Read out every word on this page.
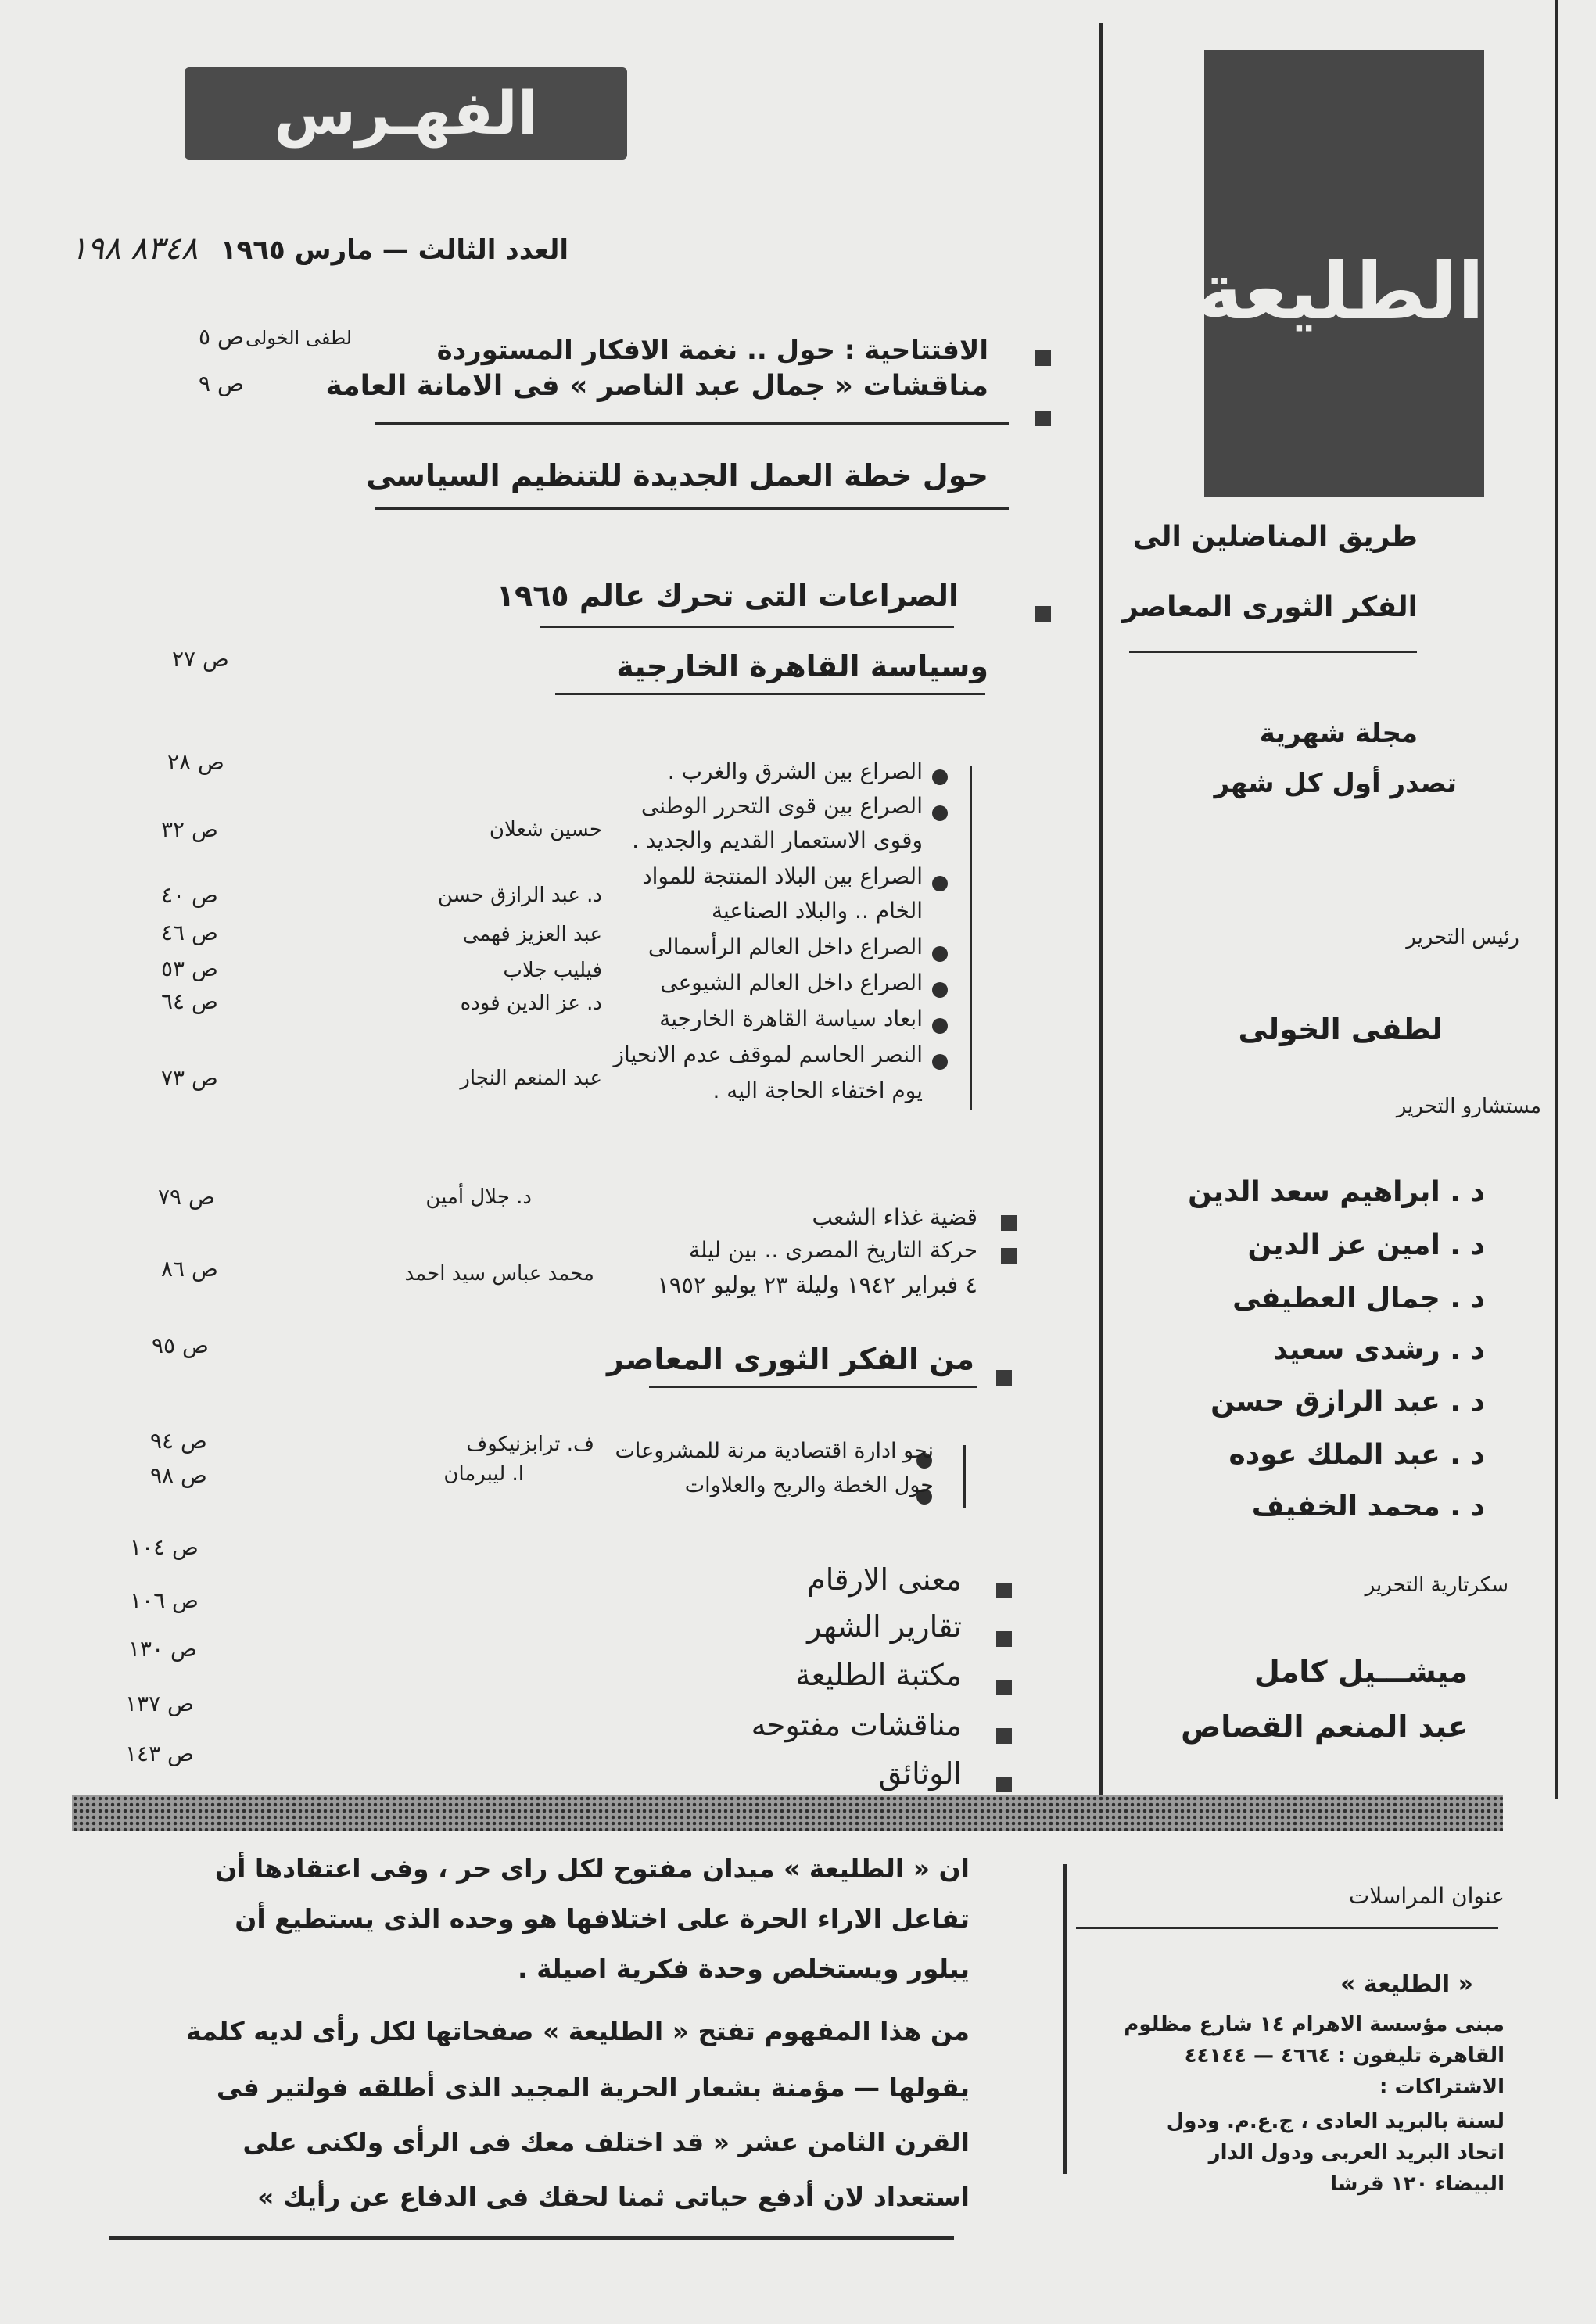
الفهـرس
العدد الثالث — مارس ١٩٦٥
٨٣٤٨ ١٩٨
الافتتاحية : حول .. نغمة الافكار المستوردة
لطفى الخولى
ص ٥
مناقشات « جمال عبد الناصر » فى الامانة العامة
ص ٩
حول خطة العمل الجديدة للتنظيم السياسى
الصراعات التى تحرك عالم ١٩٦٥
وسياسة القاهرة الخارجية
ص ٢٧
ص ٢٨	الصراع بين الشرق والغرب .
الصراع بين قوى التحرر الوطنى
وقوى الاستعمار القديم والجديد .
الصراع بين البلاد المنتجة للمواد
الخام .. والبلاد الصناعية
الصراع داخل العالم الرأسمالى
الصراع داخل العالم الشيوعى
ابعاد سياسة القاهرة الخارجية
النصر الحاسم لموقف عدم الانحياز
يوم اختفاء الحاجة اليه .
حسين شعلان
ص ٣٢
د. عبد الرازق حسن
ص ٤٠
عبد العزيز فهمى
ص ٤٦
فيليب جلاب
ص ٥٣
د. عز الدين فوده
ص ٦٤
عبد المنعم النجار
ص ٧٣
قضية غذاء الشعب
د. جلال أمين
ص ٧٩
حركة التاريخ المصرى .. بين ليلة
٤ فبراير ١٩٤٢ وليلة ٢٣ يوليو ١٩٥٢
محمد عباس سيد احمد
ص ٨٦
ص ٩٥	من الفكر الثورى المعاصر
نحو ادارة اقتصادية مرنة للمشروعات
ف. ترابزنيكوف
ص ٩٤
حول الخطة والربح والعلاوات
ا. ليبرمان
ص ٩٨
معنى الارقام
ص ١٠٤
تقارير الشهر
ص ١٠٦
مكتبة الطليعة
ص ١٣٠
مناقشات مفتوحه
ص ١٣٧
الوثائق
ص ١٤٣
الطليعة
طريق المناضلين الى
الفكر الثورى المعاصر
مجلة شهرية
تصدر أول كل شهر
رئيس التحرير
لطفى الخولى
مستشارو التحرير
د . ابراهيم سعد الدين
د . امين عز الدين
د . جمال العطيفى
د . رشدى سعيد
د . عبد الرازق حسن
د . عبد الملك عوده
د . محمد الخفيف
سكرتارية التحرير
ميشـــيل كامل
عبد المنعم القصاص
ان « الطليعة » ميدان مفتوح لكل راى حر ، وفى اعتقادها أن
تفاعل الاراء الحرة على اختلافها هو وحده الذى يستطيع أن
يبلور ويستخلص وحدة فكرية اصيلة .
من هذا المفهوم تفتح « الطليعة » صفحاتها لكل رأى لديه كلمة
يقولها — مؤمنة بشعار الحرية المجيد الذى أطلقه فولتير فى
القرن الثامن عشر « قد اختلف معك فى الرأى ولكنى على
استعداد لان أدفع حياتى ثمنا لحقك فى الدفاع عن رأيك »
عنوان المراسلات
« الطليعة »
مبنى مؤسسة الاهرام ١٤ شارع مظلوم
القاهرة تليفون : ٤٦٦٤ — ٤٤١٤٤
الاشتراكات :
لسنة بالبريد العادى ، ج.ع.م. ودول
اتحاد البريد العربى ودول الدار
البيضاء ١٢٠ قرشا
